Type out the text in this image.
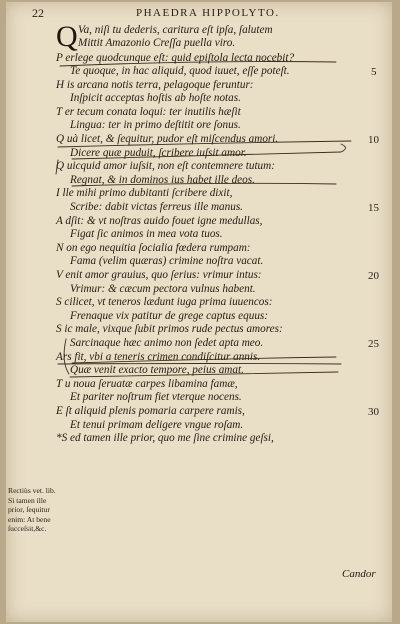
22	PHAEDRA HIPPOLYTO.
Q Va, niſi tu dederis, caritura eſt ipſa, ſalutem
Mittit Amazonio Creſſa puella viro.
P erlege quodcunque eſt: quid epiſtola lecta nocebit?
Te quoque, in hac aliquid, quod iuuet, eſſe poteſt.
H is arcana notis terra, pelagoque feruntur:
Inſpicit acceptas hoſtis ab hoſte notas.
T er tecum conata loqui: ter inutilis hæſit
Lingua: ter in primo deſtitit ore ſonus.
Q uà licet, & ſequitur, pudor eſt miſcendus amori.
Dicere quæ puduit, ſcribere iuſsit amor.
Q uicquid amor iuſsit, non eſt contemnere tutum:
Regnat, & in dominos ius habet ille deos.
I lle mihi primo dubitanti ſcribere dixit,
Scribe: dabit victas ferreus ille manus.
A dſit: & vt noſtras auido fouet igne medullas,
Figat ſic animos in mea vota tuos.
N on ego nequitia ſocialia fœdera rumpam:
Fama (velim quæras) crimine noſtra vacat.
V enit amor grauius, quo ſerius: vrimur intus:
Vrimur: & cæcum pectora vulnus habent.
S cilicet, vt teneros lædunt iuga prima iuuencos:
Frenaque vix patitur de grege captus equus:
S ic male, vixque ſubit primos rude pectus amores:
Sarcinaque hæc animo non ſedet apta meo.
Ars fit, vbi a teneris crimen condiſcitur annis.
Quæ venit exacto tempore, peius amat.
T u noua ſeruatæ carpes libamina famæ,
Et pariter noſtrum fiet vterque nocens.
E ſt aliquid plenis pomaria carpere ramis,
Et tenui primam deligere vngue roſam.
*S ed tamen ille prior, quo me ſine crimine geſsi,
5
10
15
20
25
30
Rectiùs vet. lib.
Si tamen ille
prior, ſequitur
enim: At bene
ſucceſsit,&c.
Candor
